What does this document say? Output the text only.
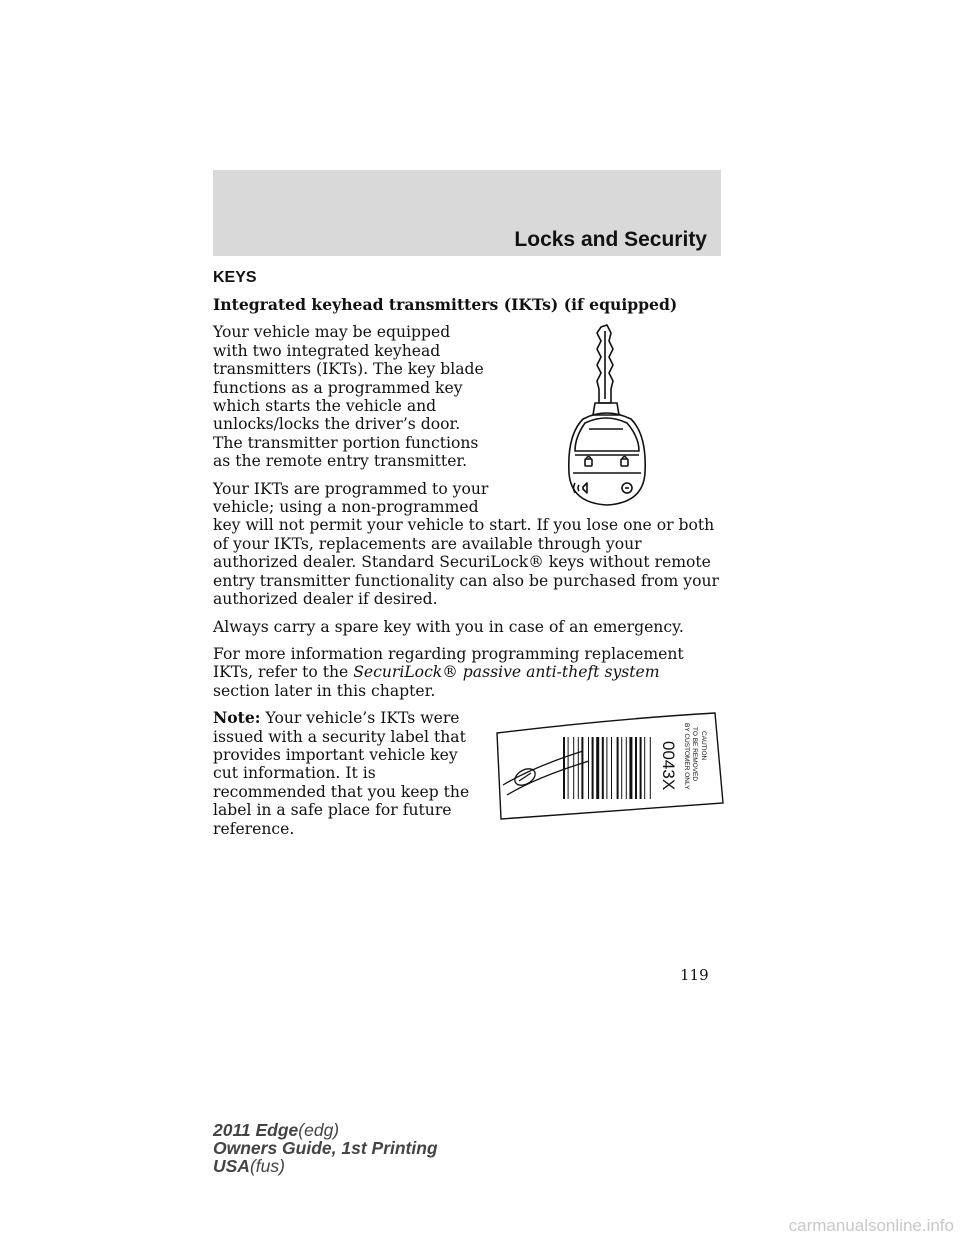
Locks and Security
KEYS
Integrated keyhead transmitters (IKTs) (if equipped)

Your vehicle may be equipped with two integrated keyhead transmitters (IKTs). The key blade functions as a programmed key which starts the vehicle and unlocks/locks the driver’s door. The transmitter portion functions as the remote entry transmitter.

Your IKTs are programmed to your vehicle; using a non-programmed key will not permit your vehicle to start. If you lose one or both of your IKTs, replacements are available through your authorized dealer. Standard SecuriLock® keys without remote entry transmitter functionality can also be purchased from your authorized dealer if desired.

Always carry a spare key with you in case of an emergency.

For more information regarding programming replacement IKTs, refer to the SecuriLock® passive anti-theft system section later in this chapter.

0043X	CAUTION
TO BE REMOVED
BY CUSTOMER ONLY

Note: Your vehicle’s IKTs were issued with a security label that provides important vehicle key cut information. It is recommended that you keep the label in a safe place for future reference.

119
2011 Edge(edg)
Owners Guide, 1st Printing
USA(fus)
carmanualsonline.info
